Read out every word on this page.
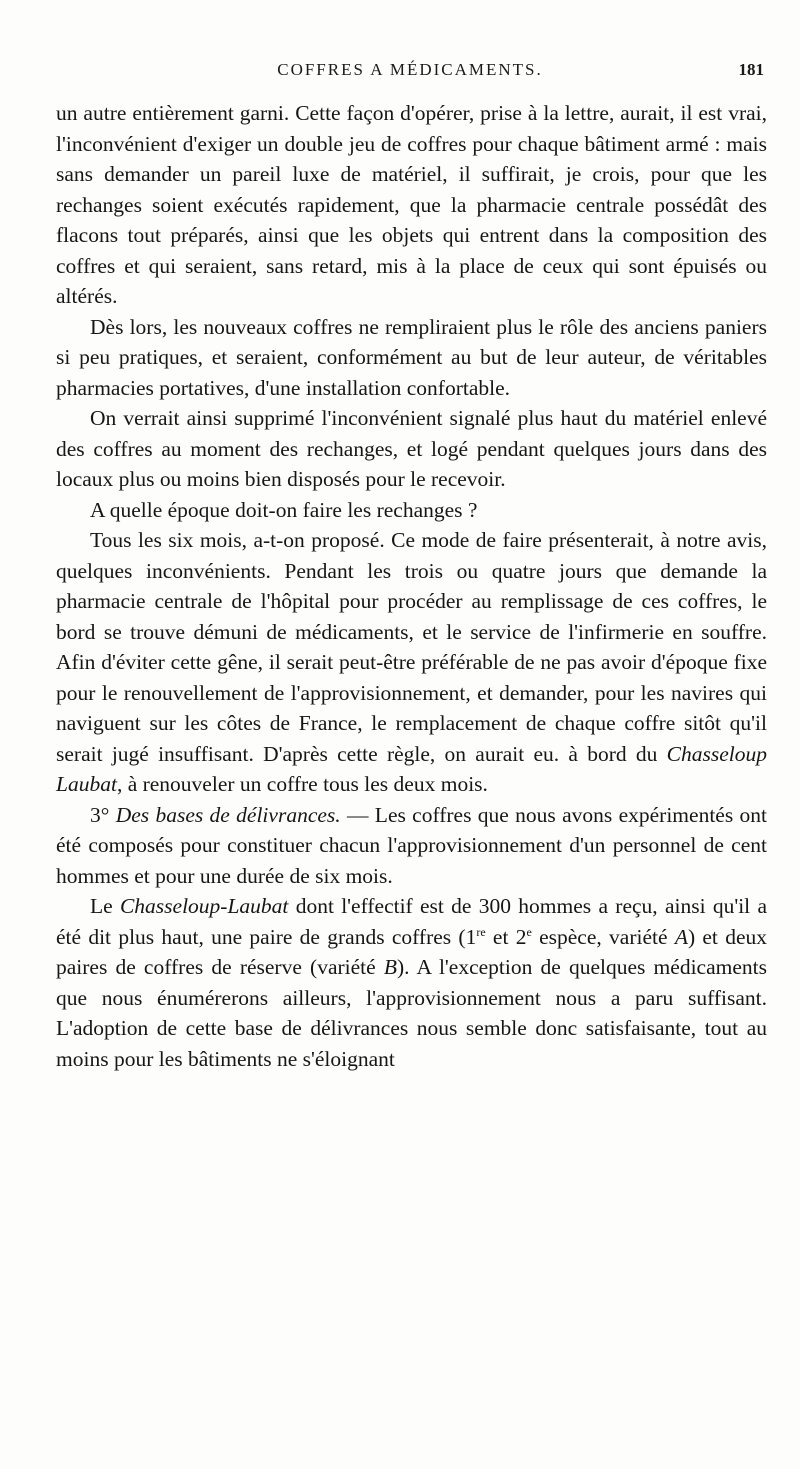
COFFRES A MÉDICAMENTS.	181

un autre entièrement garni. Cette façon d'opérer, prise à la lettre, aurait, il est vrai, l'inconvénient d'exiger un double jeu de coffres pour chaque bâtiment armé : mais sans demander un pareil luxe de matériel, il suffirait, je crois, pour que les rechanges soient exécutés rapidement, que la pharmacie centrale possédât des flacons tout préparés, ainsi que les objets qui entrent dans la composition des coffres et qui seraient, sans retard, mis à la place de ceux qui sont épuisés ou altérés.

Dès lors, les nouveaux coffres ne rempliraient plus le rôle des anciens paniers si peu pratiques, et seraient, conformément au but de leur auteur, de véritables pharmacies portatives, d'une installation confortable.

On verrait ainsi supprimé l'inconvénient signalé plus haut du matériel enlevé des coffres au moment des rechanges, et logé pendant quelques jours dans des locaux plus ou moins bien disposés pour le recevoir.

A quelle époque doit-on faire les rechanges ?

Tous les six mois, a-t-on proposé. Ce mode de faire présenterait, à notre avis, quelques inconvénients. Pendant les trois ou quatre jours que demande la pharmacie centrale de l'hôpital pour procéder au remplissage de ces coffres, le bord se trouve démuni de médicaments, et le service de l'infirmerie en souffre. Afin d'éviter cette gêne, il serait peut-être préférable de ne pas avoir d'époque fixe pour le renouvellement de l'approvisionnement, et demander, pour les navires qui naviguent sur les côtes de France, le remplacement de chaque coffre sitôt qu'il serait jugé insuffisant. D'après cette règle, on aurait eu. à bord du Chasseloup Laubat, à renouveler un coffre tous les deux mois.

3° Des bases de délivrances. — Les coffres que nous avons expérimentés ont été composés pour constituer chacun l'approvisionnement d'un personnel de cent hommes et pour une durée de six mois.

Le Chasseloup-Laubat dont l'effectif est de 300 hommes a reçu, ainsi qu'il a été dit plus haut, une paire de grands coffres (1re et 2e espèce, variété A) et deux paires de coffres de réserve (variété B). A l'exception de quelques médicaments que nous énumérerons ailleurs, l'approvisionnement nous a paru suffisant. L'adoption de cette base de délivrances nous semble donc satisfaisante, tout au moins pour les bâtiments ne s'éloignant
